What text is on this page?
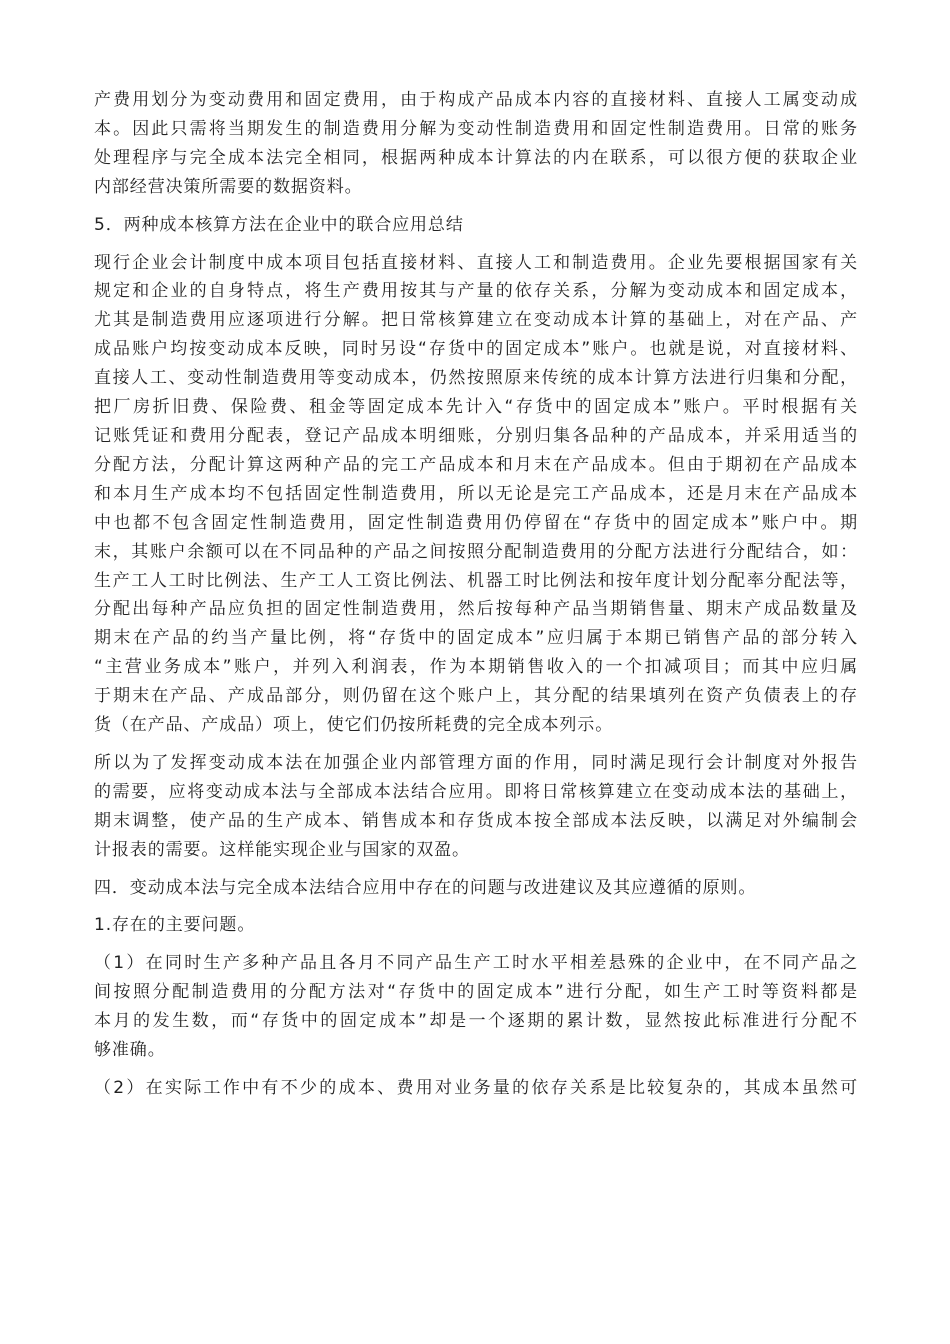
产费用划分为变动费用和固定费用，由于构成产品成本内容的直接材料、直接人工属变动成
本。因此只需将当期发生的制造费用分解为变动性制造费用和固定性制造费用。日常的账务
处理程序与完全成本法完全相同，根据两种成本计算法的内在联系，可以很方便的获取企业
内部经营决策所需要的数据资料。
5．两种成本核算方法在企业中的联合应用总结
现行企业会计制度中成本项目包括直接材料、直接人工和制造费用。企业先要根据国家有关
规定和企业的自身特点，将生产费用按其与产量的依存关系，分解为变动成本和固定成本，
尤其是制造费用应逐项进行分解。把日常核算建立在变动成本计算的基础上，对在产品、产
成品账户均按变动成本反映，同时另设“存货中的固定成本”账户。也就是说，对直接材料、
直接人工、变动性制造费用等变动成本，仍然按照原来传统的成本计算方法进行归集和分配，
把厂房折旧费、保险费、租金等固定成本先计入“存货中的固定成本”账户。平时根据有关
记账凭证和费用分配表，登记产品成本明细账，分别归集各品种的产品成本，并采用适当的
分配方法，分配计算这两种产品的完工产品成本和月末在产品成本。但由于期初在产品成本
和本月生产成本均不包括固定性制造费用，所以无论是完工产品成本，还是月末在产品成本
中也都不包含固定性制造费用，固定性制造费用仍停留在“存货中的固定成本”账户中。期
末，其账户余额可以在不同品种的产品之间按照分配制造费用的分配方法进行分配结合，如：
生产工人工时比例法、生产工人工资比例法、机器工时比例法和按年度计划分配率分配法等，
分配出每种产品应负担的固定性制造费用，然后按每种产品当期销售量、期末产成品数量及
期末在产品的约当产量比例，将“存货中的固定成本”应归属于本期已销售产品的部分转入
“主营业务成本”账户，并列入利润表，作为本期销售收入的一个扣减项目；而其中应归属
于期末在产品、产成品部分，则仍留在这个账户上，其分配的结果填列在资产负债表上的存
货（在产品、产成品）项上，使它们仍按所耗费的完全成本列示。
所以为了发挥变动成本法在加强企业内部管理方面的作用，同时满足现行会计制度对外报告
的需要，应将变动成本法与全部成本法结合应用。即将日常核算建立在变动成本法的基础上，
期末调整，使产品的生产成本、销售成本和存货成本按全部成本法反映，以满足对外编制会
计报表的需要。这样能实现企业与国家的双盈。
四．变动成本法与完全成本法结合应用中存在的问题与改进建议及其应遵循的原则。
1.存在的主要问题。
（1）在同时生产多种产品且各月不同产品生产工时水平相差悬殊的企业中，在不同产品之
间按照分配制造费用的分配方法对“存货中的固定成本”进行分配，如生产工时等资料都是
本月的发生数，而“存货中的固定成本”却是一个逐期的累计数，显然按此标准进行分配不
够准确。
（2）在实际工作中有不少的成本、费用对业务量的依存关系是比较复杂的，其成本虽然可
